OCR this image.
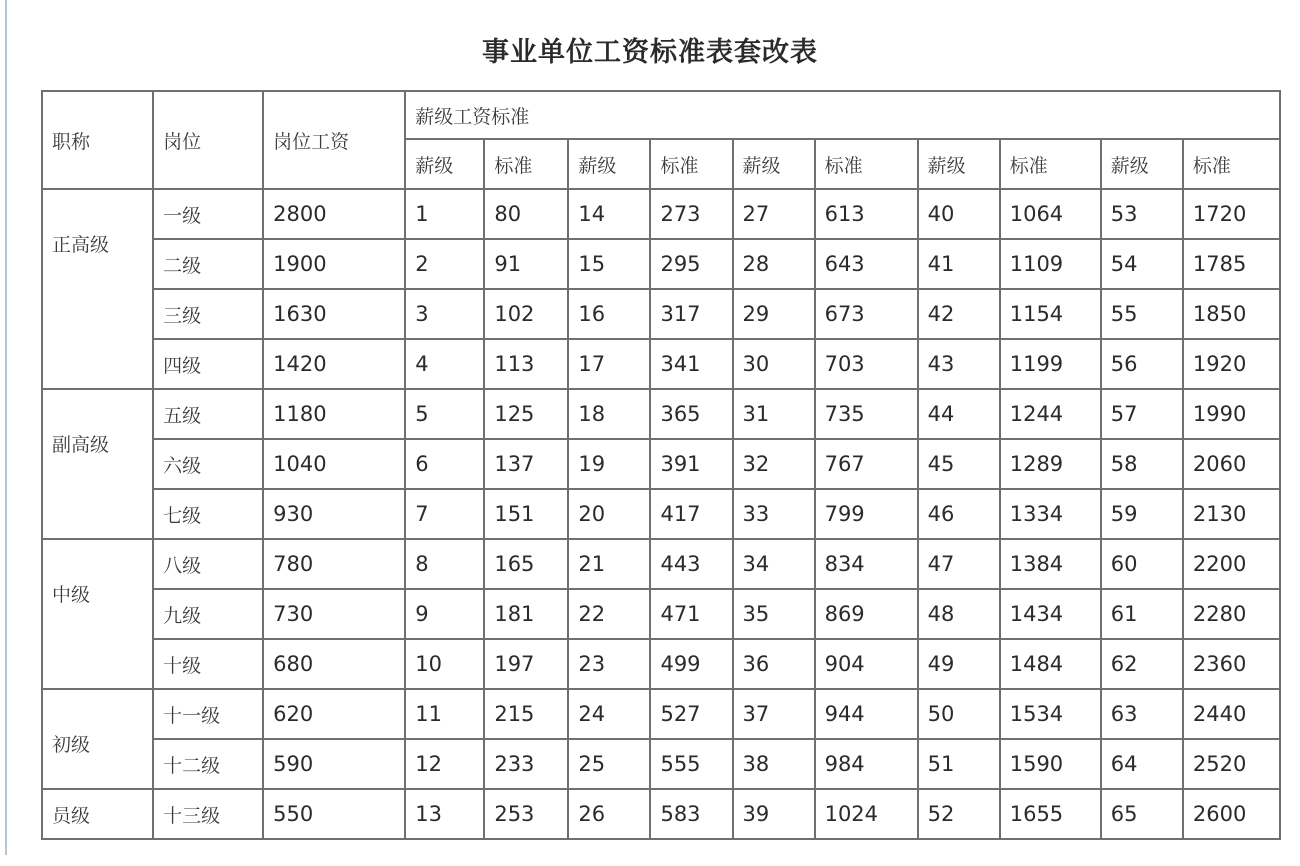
事业单位工资标准表套改表
职称	岗位	岗位工资	薪级工资标准									
			薪级	标准	薪级	标准	薪级	标准	薪级	标准	薪级	标准
正高级	一级	2800	1	80	14	273	27	613	40	1064	53	1720
	二级	1900	2	91	15	295	28	643	41	1109	54	1785
	三级	1630	3	102	16	317	29	673	42	1154	55	1850
	四级	1420	4	113	17	341	30	703	43	1199	56	1920
副高级	五级	1180	5	125	18	365	31	735	44	1244	57	1990
	六级	1040	6	137	19	391	32	767	45	1289	58	2060
	七级	930	7	151	20	417	33	799	46	1334	59	2130
中级	八级	780	8	165	21	443	34	834	47	1384	60	2200
	九级	730	9	181	22	471	35	869	48	1434	61	2280
	十级	680	10	197	23	499	36	904	49	1484	62	2360
初级	十一级	620	11	215	24	527	37	944	50	1534	63	2440
	十二级	590	12	233	25	555	38	984	51	1590	64	2520
员级	十三级	550	13	253	26	583	39	1024	52	1655	65	2600
